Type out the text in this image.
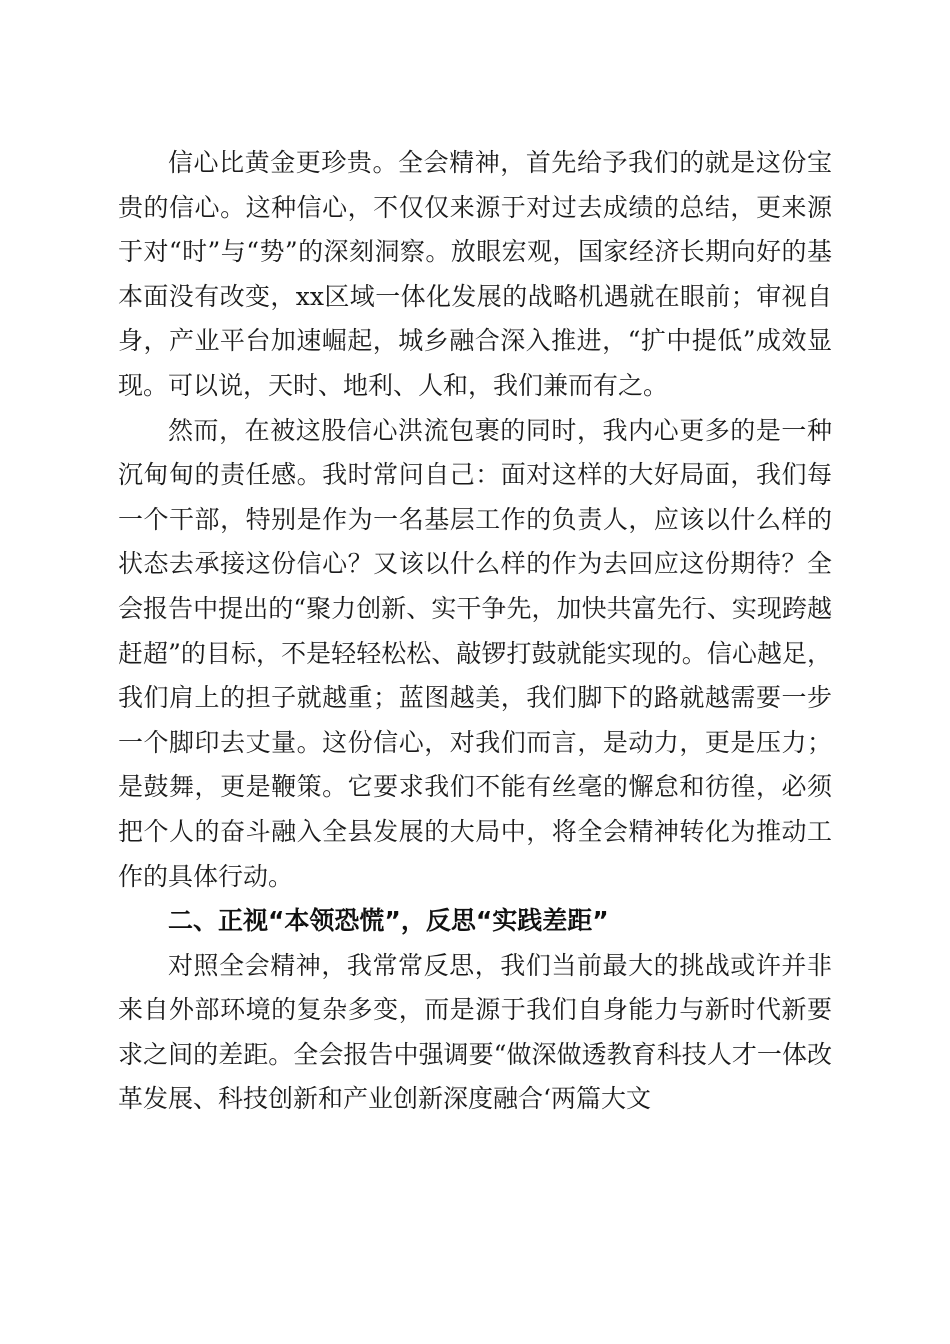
信心比黄金更珍贵。全会精神，首先给予我们的就是这份宝贵的信心。这种信心，不仅仅来源于对过去成绩的总结，更来源于对“时”与“势”的深刻洞察。放眼宏观，国家经济长期向好的基本面没有改变，xx区域一体化发展的战略机遇就在眼前；审视自身，产业平台加速崛起，城乡融合深入推进，“扩中提低”成效显现。可以说，天时、地利、人和，我们兼而有之。

然而，在被这股信心洪流包裹的同时，我内心更多的是一种沉甸甸的责任感。我时常问自己：面对这样的大好局面，我们每一个干部，特别是作为一名基层工作的负责人，应该以什么样的状态去承接这份信心？又该以什么样的作为去回应这份期待？全会报告中提出的“聚力创新、实干争先，加快共富先行、实现跨越赶超”的目标，不是轻轻松松、敲锣打鼓就能实现的。信心越足，我们肩上的担子就越重；蓝图越美，我们脚下的路就越需要一步一个脚印去丈量。这份信心，对我们而言，是动力，更是压力；是鼓舞，更是鞭策。它要求我们不能有丝毫的懈怠和彷徨，必须把个人的奋斗融入全县发展的大局中，将全会精神转化为推动工作的具体行动。

二、正视“本领恐慌”，反思“实践差距”

对照全会精神，我常常反思，我们当前最大的挑战或许并非来自外部环境的复杂多变，而是源于我们自身能力与新时代新要求之间的差距。全会报告中强调要“做深做透教育科技人才一体改革发展、科技创新和产业创新深度融合‘两篇大文
